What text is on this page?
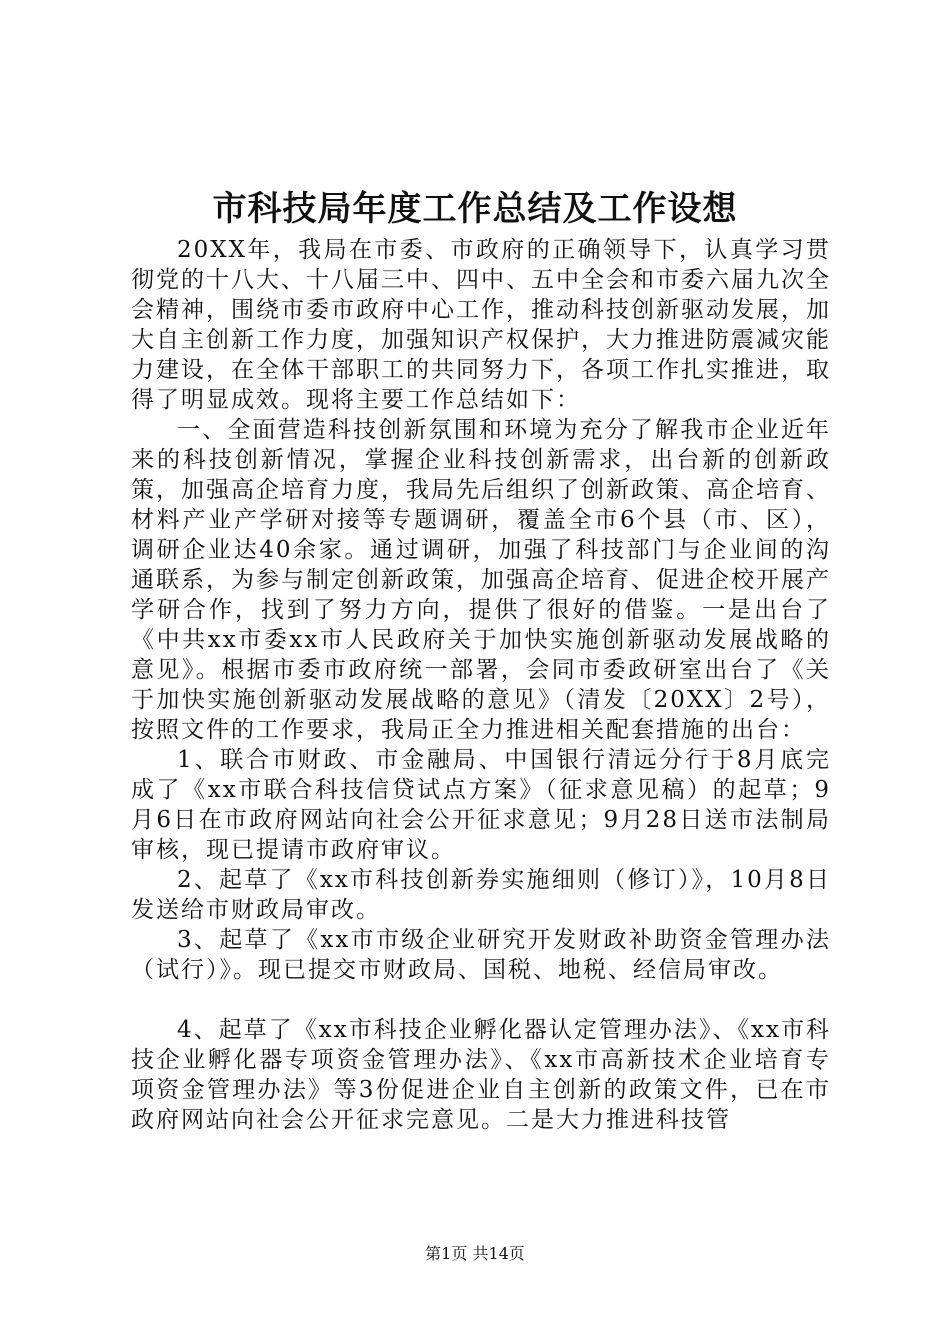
市科技局年度工作总结及工作设想

20XX年，我局在市委、市政府的正确领导下，认真学习贯彻党的十八大、十八届三中、四中、五中全会和市委六届九次全会精神，围绕市委市政府中心工作，推动科技创新驱动发展，加大自主创新工作力度，加强知识产权保护，大力推进防震减灾能力建设，在全体干部职工的共同努力下，各项工作扎实推进，取得了明显成效。现将主要工作总结如下：

一、全面营造科技创新氛围和环境为充分了解我市企业近年来的科技创新情况，掌握企业科技创新需求，出台新的创新政策，加强高企培育力度，我局先后组织了创新政策、高企培育、材料产业产学研对接等专题调研，覆盖全市6个县（市、区），调研企业达40余家。通过调研，加强了科技部门与企业间的沟通联系，为参与制定创新政策，加强高企培育、促进企校开展产学研合作，找到了努力方向，提供了很好的借鉴。一是出台了《中共xx市委xx市人民政府关于加快实施创新驱动发展战略的意见》。根据市委市政府统一部署，会同市委政研室出台了《关于加快实施创新驱动发展战略的意见》（清发〔20XX〕2号），按照文件的工作要求，我局正全力推进相关配套措施的出台：

1、联合市财政、市金融局、中国银行清远分行于8月底完成了《xx市联合科技信贷试点方案》（征求意见稿）的起草；9月6日在市政府网站向社会公开征求意见；9月28日送市法制局审核，现已提请市政府审议。

2、起草了《xx市科技创新券实施细则（修订）》，10月8日发送给市财政局审改。

3、起草了《xx市市级企业研究开发财政补助资金管理办法（试行）》。现已提交市财政局、国税、地税、经信局审改。

4、起草了《xx市科技企业孵化器认定管理办法》、《xx市科技企业孵化器专项资金管理办法》、《xx市高新技术企业培育专项资金管理办法》等3份促进企业自主创新的政策文件，已在市政府网站向社会公开征求完意见。二是大力推进科技管

第1页 共14页
